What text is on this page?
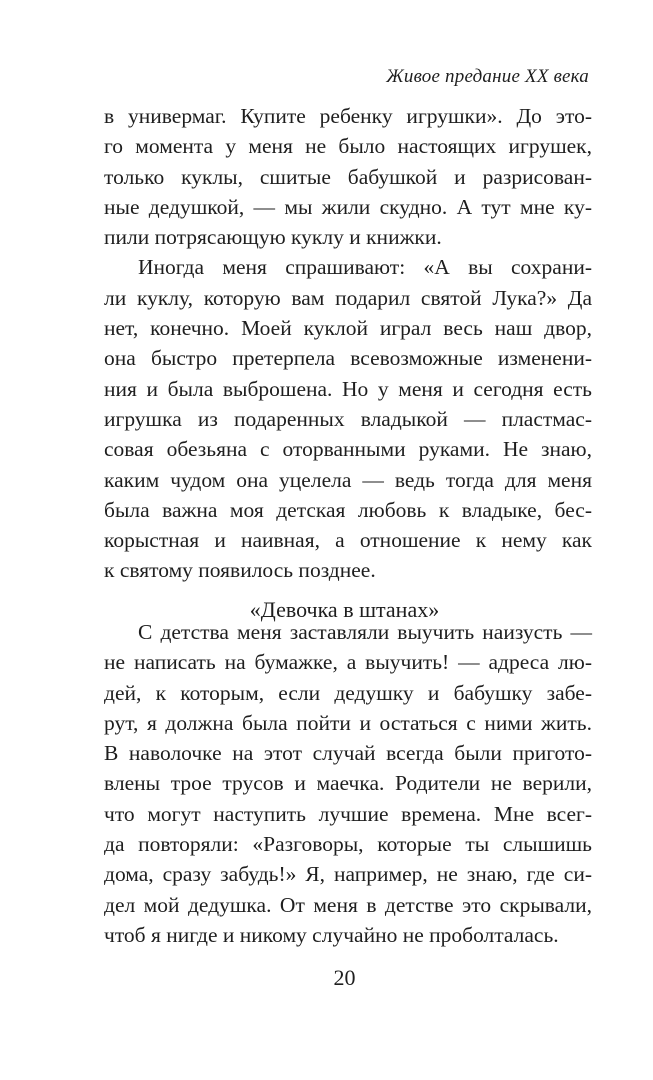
Живое предание XX века
в универмаг. Купите ребенку игрушки». До это-
го момента у меня не было настоящих игрушек,
только куклы, сшитые бабушкой и разрисован-
ные дедушкой, — мы жили скудно. А тут мне ку-
пили потрясающую куклу и книжки.
Иногда меня спрашивают: «А вы сохрани-
ли куклу, которую вам подарил святой Лука?» Да
нет, конечно. Моей куклой играл весь наш двор,
она быстро претерпела всевозможные изменени-
ния и была выброшена. Но у меня и сегодня есть
игрушка из подаренных владыкой — пластмас-
совая обезьяна с оторванными руками. Не знаю,
каким чудом она уцелела — ведь тогда для меня
была важна моя детская любовь к владыке, бес-
корыстная и наивная, а отношение к нему как
к святому появилось позднее.
«Девочка в штанах»
С детства меня заставляли выучить наизусть —
не написать на бумажке, а выучить! — адреса лю-
дей, к которым, если дедушку и бабушку забе-
рут, я должна была пойти и остаться с ними жить.
В наволочке на этот случай всегда были пригото-
влены трое трусов и маечка. Родители не верили,
что могут наступить лучшие времена. Мне всег-
да повторяли: «Разговоры, которые ты слышишь
дома, сразу забудь!» Я, например, не знаю, где си-
дел мой дедушка. От меня в детстве это скрывали,
чтоб я нигде и никому случайно не проболталась.
20
